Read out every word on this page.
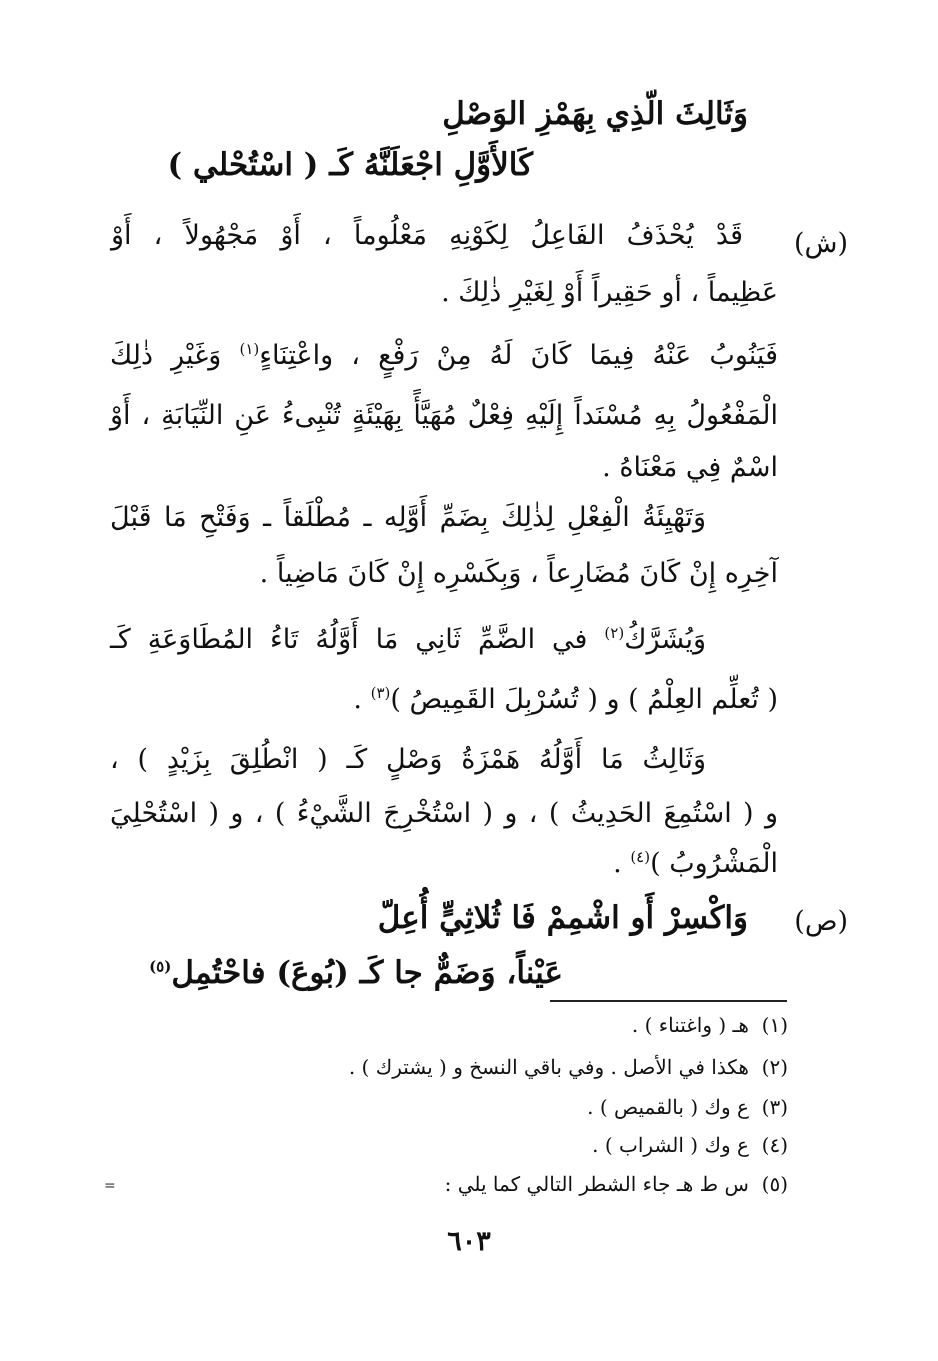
وَثَالِثَ الّذِي بِهَمْزِ الوَصْلِ
كَالأَوَّلِ اجْعَلَنَّهُ كَـ ( اسْتُحْلي )
(ش)
قَدْ يُحْذَفُ الفَاعِلُ لِكَوْنِهِ مَعْلُوماً ، أَوْ مَجْهُولاً ، أَوْ
عَظِيماً ، أو حَقِيراً أَوْ لِغَيْرِ ذٰلِكَ .
فَيَنُوبُ عَنْهُ فِيمَا كَانَ لَهُ مِنْ رَفْعٍ ، واعْتِنَاءٍ$^{(١)}$ وَغَيْرِ ذٰلِكَ
الْمَفْعُولُ بِهِ مُسْنَداً إِلَيْهِ فِعْلٌ مُهَيَّأً بِهَيْئَةٍ تُنْبِىءُ عَنِ النِّيَابَةِ ، أَوْ
اسْمٌ فِي مَعْنَاهُ .
وَتَهْيِئَةُ الْفِعْلِ لِذٰلِكَ بِضَمِّ أَوَّلِه ـ مُطْلَقاً ـ وَفَتْحِ مَا قَبْلَ
آخِرِه إِنْ كَانَ مُضَارِعاً ، وَبِكَسْرِه إِنْ كَانَ مَاضِياً .
وَيُشَرَّكُ$^{(٢)}$ في الضَّمِّ ثَانِي مَا أَوَّلُهُ تَاءُ المُطَاوَعَةِ كَـ
( تُعلِّم العِلْمُ ) و ( تُسُرْبِلَ القَمِيصُ )$^{(٣)}$ .
وَثَالِثُ مَا أَوَّلُهُ هَمْزَةُ وَصْلٍ كَـ ( انْطُلِقَ بِزَيْدٍ ) ،
و ( اسْتُمِعَ الحَدِيثُ ) ، و ( اسْتُخْرِجَ الشَّيْءُ ) ، و ( اسْتُحْلِيَ
الْمَشْرُوبُ )$^{(٤)}$ .
(ص)
وَاكْسِرْ أَو اشْمِمْ فَا ثُلاثِيٍّ أُعِلّ
عَيْناً، وَضَمٌّ جا كَـ (بُوعَ) فاحْتُمِل$^{(٥)}$
(١)  هـ ( واغتناء ) .
(٢)  هكذا في الأصل . وفي باقي النسخ و ( يشترك ) .
(٣)  ع وك ( بالقميص ) .
(٤)  ع وك ( الشراب ) .
(٥)  س ط هـ جاء الشطر التالي كما يلي :
=
٦٠٣
